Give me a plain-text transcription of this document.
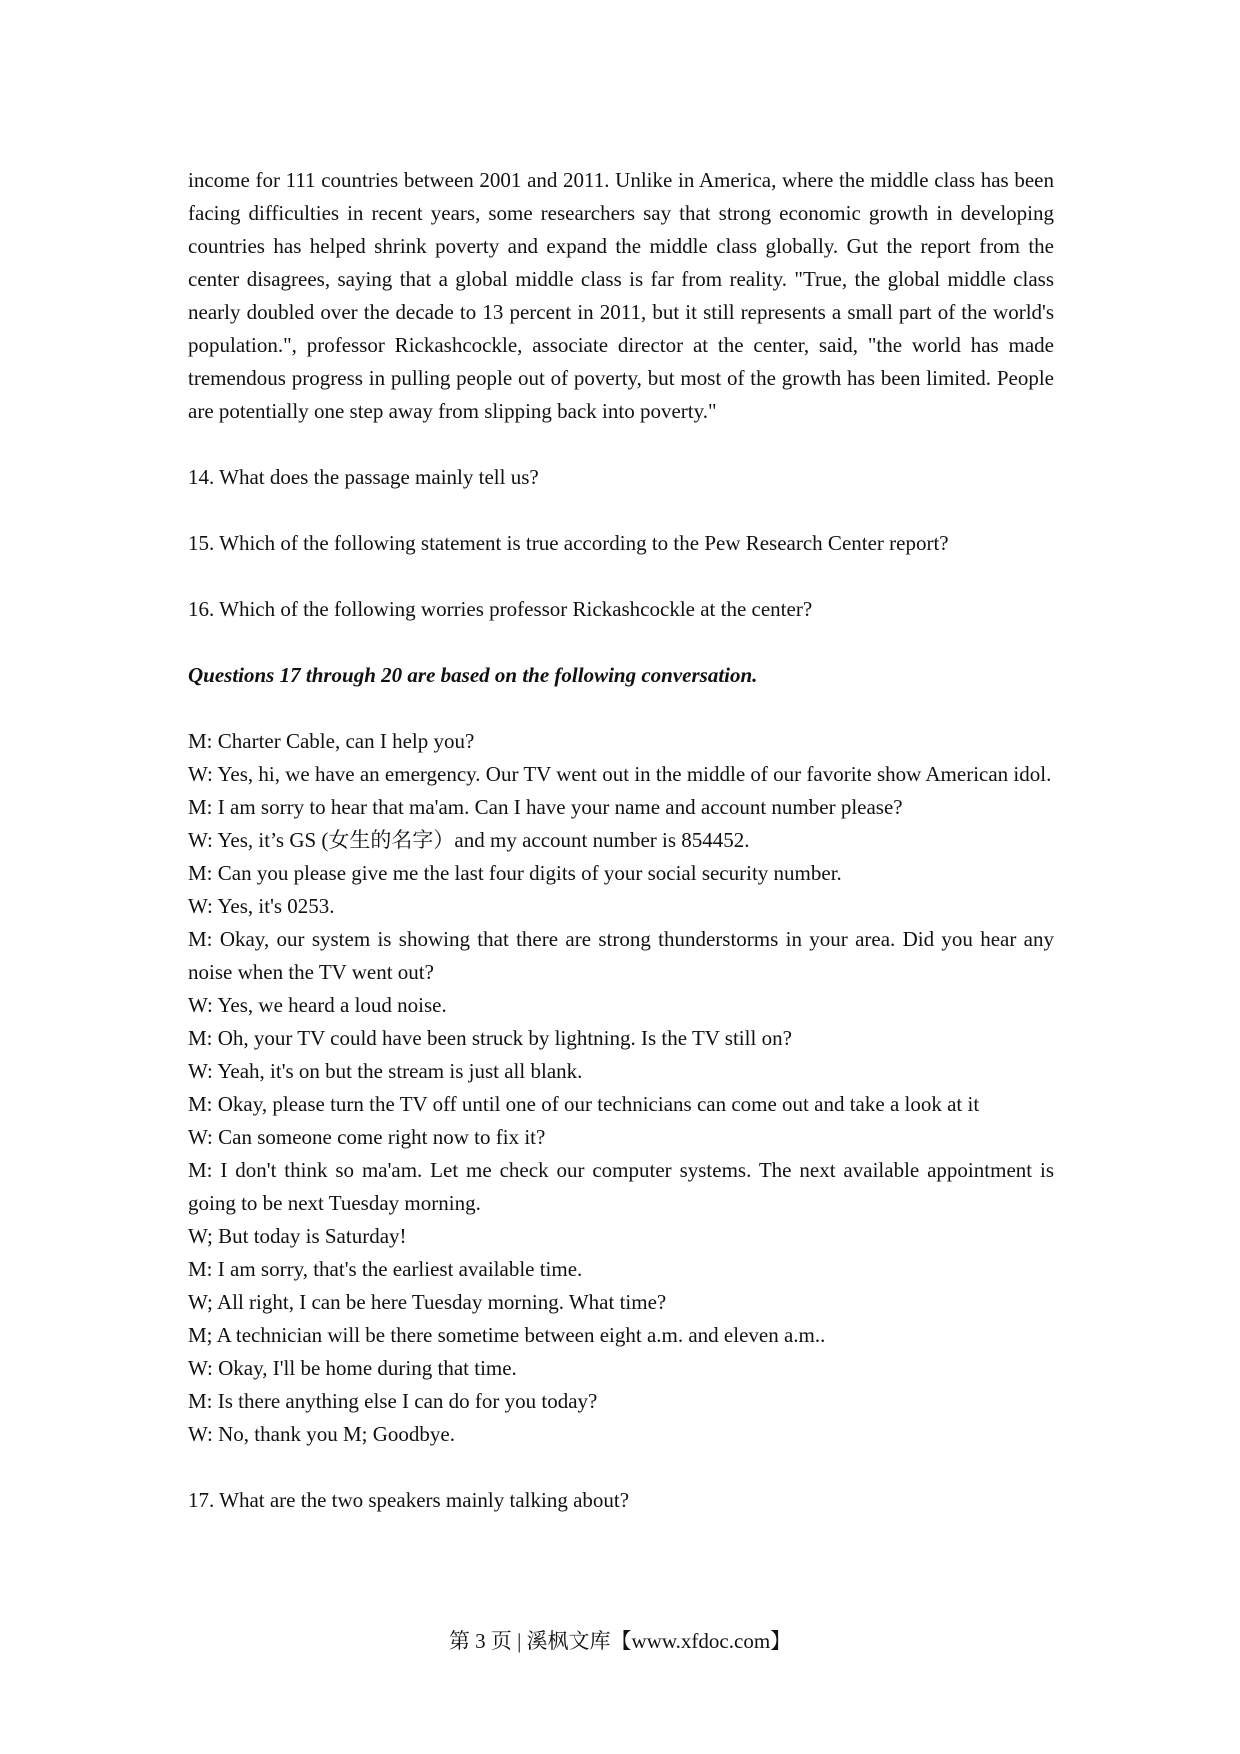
income for 111 countries between 2001 and 2011. Unlike in America, where the middle class has been facing difficulties in recent years, some researchers say that strong economic growth in developing countries has helped shrink poverty and expand the middle class globally. Gut the report from the center disagrees, saying that a global middle class is far from reality. "True, the global middle class nearly doubled over the decade to 13 percent in 2011, but it still represents a small part of the world's population.", professor Rickashcockle, associate director at the center, said, "the world has made tremendous progress in pulling people out of poverty, but most of the growth has been limited. People are potentially one step away from slipping back into poverty."

14. What does the passage mainly tell us?

15. Which of the following statement is true according to the Pew Research Center report?

16. Which of the following worries professor Rickashcockle at the center?

Questions 17 through 20 are based on the following conversation.

M: Charter Cable, can I help you?

W: Yes, hi, we have an emergency. Our TV went out in the middle of our favorite show American idol.

M: I am sorry to hear that ma'am. Can I have your name and account number please?

W: Yes, it’s GS (女生的名字）and my account number is 854452.

M: Can you please give me the last four digits of your social security number.

W: Yes, it's 0253.

M: Okay, our system is showing that there are strong thunderstorms in your area. Did you hear any noise when the TV went out?

W: Yes, we heard a loud noise.

M: Oh, your TV could have been struck by lightning. Is the TV still on?

W: Yeah, it's on but the stream is just all blank.

M: Okay, please turn the TV off until one of our technicians can come out and take a look at it

W: Can someone come right now to fix it?

M: I don't think so ma'am. Let me check our computer systems. The next available appointment is going to be next Tuesday morning.

W; But today is Saturday!

M: I am sorry, that's the earliest available time.

W; All right, I can be here Tuesday morning. What time?

M; A technician will be there sometime between eight a.m. and eleven a.m..

W: Okay, I'll be home during that time.

M: Is there anything else I can do for you today?

W: No, thank you M; Goodbye.

17. What are the two speakers mainly talking about?

第 3 页 | 溪枫文库【www.xfdoc.com】
